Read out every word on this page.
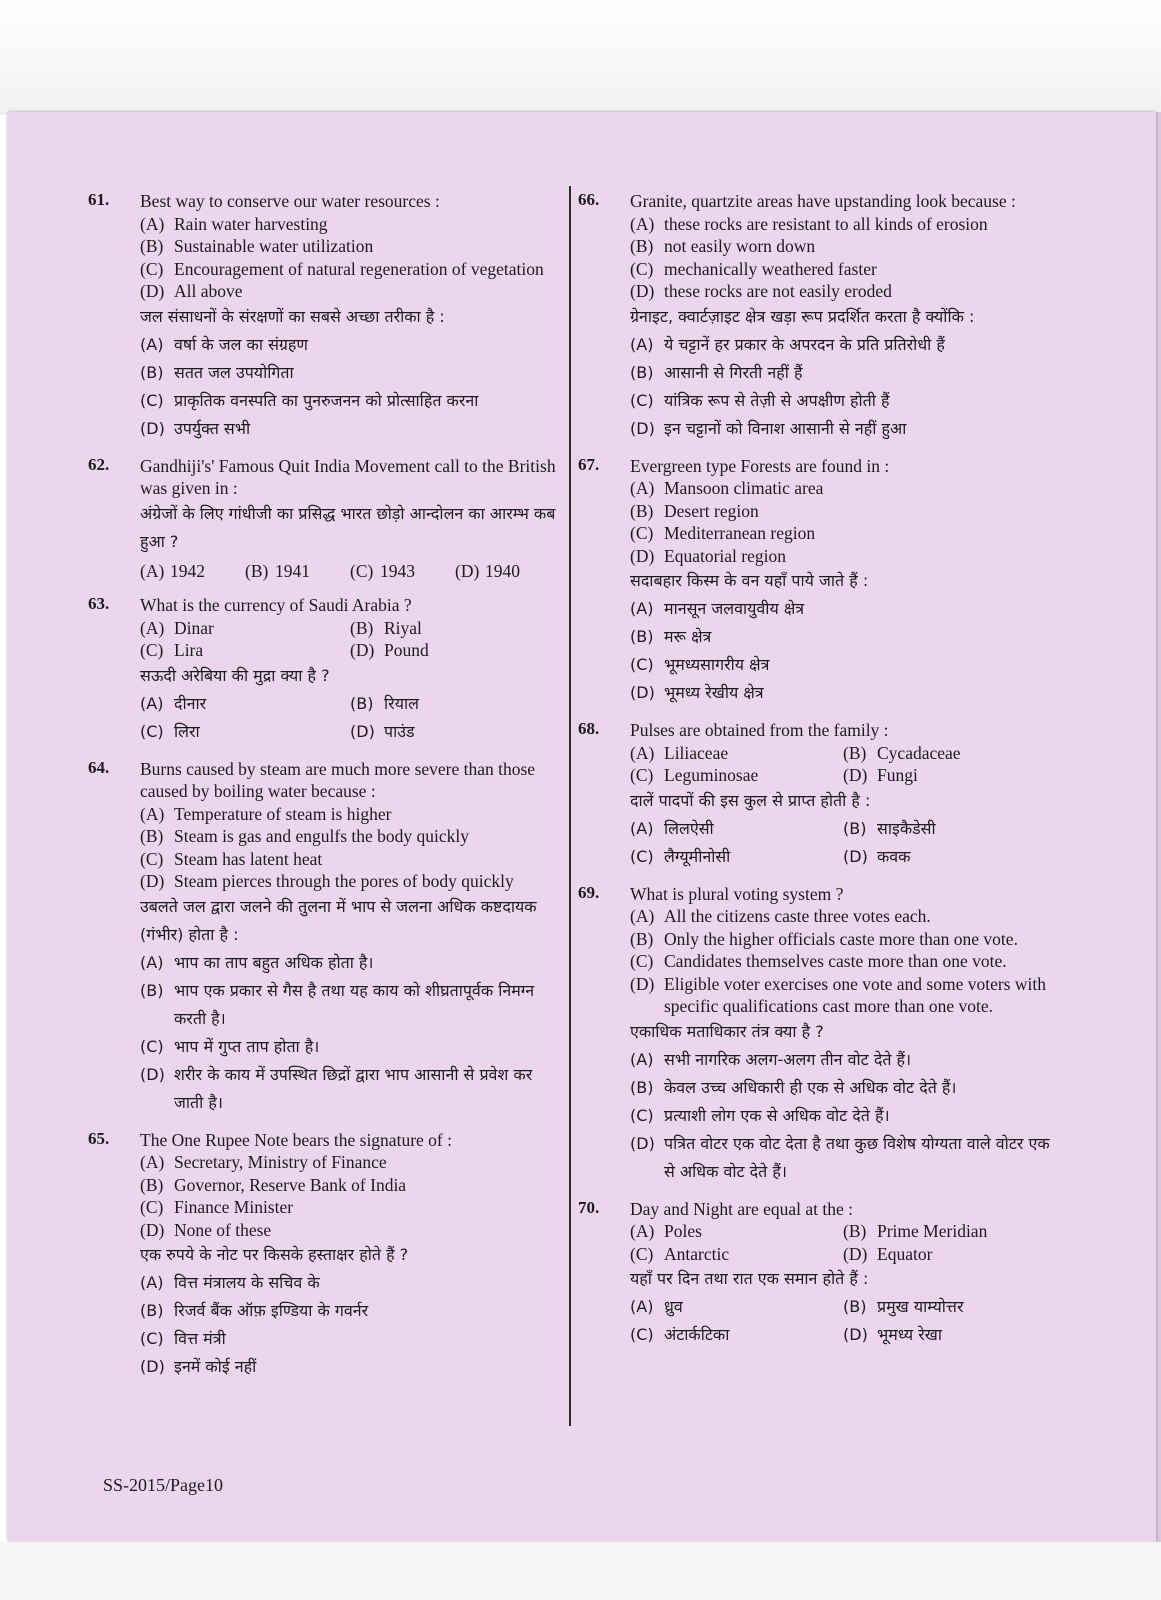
61. Best way to conserve our water resources :
(A) Rain water harvesting
(B) Sustainable water utilization
(C) Encouragement of natural regeneration of vegetation
(D) All above
जल संसाधनों के संरक्षणों का सबसे अच्छा तरीका है :
(A) वर्षा के जल का संग्रहण
(B) सतत जल उपयोगिता
(C) प्राकृतिक वनस्पति का पुनरुजनन को प्रोत्साहित करना
(D) उपर्युक्त सभी
62. Gandhiji's' Famous Quit India Movement call to the British was given in :
अंग्रेजों के लिए गांधीजी का प्रसिद्ध भारत छोड़ो आन्दोलन का आरम्भ कब हुआ ?
(A) 1942	(B) 1941	(C) 1943	(D) 1940
63. What is the currency of Saudi Arabia ?
(A) Dinar	(B) Riyal
(C) Lira	(D) Pound
सऊदी अरेबिया की मुद्रा क्या है ?
(A) दीनार	(B) रियाल
(C) लिरा	(D) पाउंड
64. Burns caused by steam are much more severe than those caused by boiling water because :
(A) Temperature of steam is higher
(B) Steam is gas and engulfs the body quickly
(C) Steam has latent heat
(D) Steam pierces through the pores of body quickly
उबलते जल द्वारा जलने की तुलना में भाप से जलना अधिक कष्टदायक (गंभीर) होता है :
(A) भाप का ताप बहुत अधिक होता है।
(B) भाप एक प्रकार से गैस है तथा यह काय को शीघ्रतापूर्वक निमग्न करती है।
(C) भाप में गुप्त ताप होता है।
(D) शरीर के काय में उपस्थित छिद्रों द्वारा भाप आसानी से प्रवेश कर जाती है।
65. The One Rupee Note bears the signature of :
(A) Secretary, Ministry of Finance
(B) Governor, Reserve Bank of India
(C) Finance Minister
(D) None of these
एक रुपये के नोट पर किसके हस्ताक्षर होते हैं ?
(A) वित्त मंत्रालय के सचिव के
(B) रिजर्व बैंक ऑफ़ इण्डिया के गवर्नर
(C) वित्त मंत्री
(D) इनमें कोई नहीं
66. Granite, quartzite areas have upstanding look because :
(A) these rocks are resistant to all kinds of erosion
(B) not easily worn down
(C) mechanically weathered faster
(D) these rocks are not easily eroded
ग्रेनाइट, क्वार्टज़ाइट क्षेत्र खड़ा रूप प्रदर्शित करता है क्योंकि :
(A) ये चट्टानें हर प्रकार के अपरदन के प्रति प्रतिरोधी हैं
(B) आसानी से गिरती नहीं हैं
(C) यांत्रिक रूप से तेज़ी से अपक्षीण होती हैं
(D) इन चट्टानों को विनाश आसानी से नहीं हुआ
67. Evergreen type Forests are found in :
(A) Mansoon climatic area
(B) Desert region
(C) Mediterranean region
(D) Equatorial region
सदाबहार किस्म के वन यहाँ पाये जाते हैं :
(A) मानसून जलवायुवीय क्षेत्र
(B) मरू क्षेत्र
(C) भूमध्यसागरीय क्षेत्र
(D) भूमध्य रेखीय क्षेत्र
68. Pulses are obtained from the family :
(A) Liliaceae	(B) Cycadaceae
(C) Leguminosae	(D) Fungi
दालें पादपों की इस कुल से प्राप्त होती है :
(A) लिलऐसी	(B) साइकैडेसी
(C) लैग्यूमीनोसी	(D) कवक
69. What is plural voting system ?
(A) All the citizens caste three votes each.
(B) Only the higher officials caste more than one vote.
(C) Candidates themselves caste more than one vote.
(D) Eligible voter exercises one vote and some voters with specific qualifications cast more than one vote.
एकाधिक मताधिकार तंत्र क्या है ?
(A) सभी नागरिक अलग-अलग तीन वोट देते हैं।
(B) केवल उच्च अधिकारी ही एक से अधिक वोट देते हैं।
(C) प्रत्याशी लोग एक से अधिक वोट देते हैं।
(D) पत्रित वोटर एक वोट देता है तथा कुछ विशेष योग्यता वाले वोटर एक से अधिक वोट देते हैं।
70. Day and Night are equal at the :
(A) Poles	(B) Prime Meridian
(C) Antarctic	(D) Equator
यहाँ पर दिन तथा रात एक समान होते हैं :
(A) ध्रुव	(B) प्रमुख याम्योत्तर
(C) अंटार्कटिका	(D) भूमध्य रेखा
SS-2015/Page10
